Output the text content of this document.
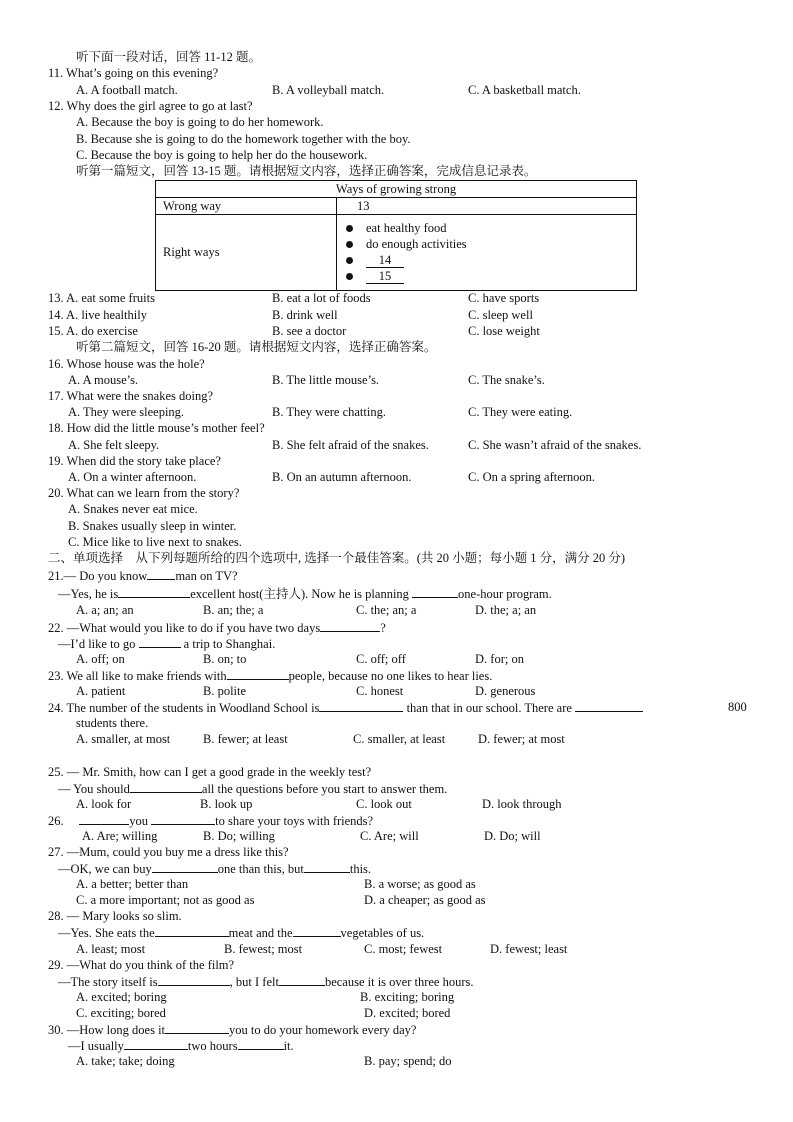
听下面一段对话，回答 11-12 题。
11. What’s going on this evening?
A. A football match.	B. A volleyball match.	C. A basketball match.
12. Why does the girl agree to go at last?
A. Because the boy is going to do her homework.
B. Because she is going to do the homework together with the boy.
C. Because the boy is going to help her do the housework.
听第一篇短文，回答 13-15 题。请根据短文内容，选择正确答案，完成信息记录表。
Ways of growing strong	
Wrong way	13
Right ways	eat healthy food
do enough activities
14
15
13. A. eat some fruits	B. eat a lot of foods	C. have sports
14. A. live healthily	B. drink well	C. sleep well
15. A. do exercise	B. see a doctor	C. lose weight
听第二篇短文，回答 16-20 题。请根据短文内容，选择正确答案。
16. Whose house was the hole?
A. A mouse’s.	B. The little mouse’s.	C. The snake’s.
17. What were the snakes doing?
A. They were sleeping.	B. They were chatting.	C. They were eating.
18. How did the little mouse’s mother feel?
A. She felt sleepy.	B. She felt afraid of the snakes.	C. She wasn’t afraid of the snakes.
19. When did the story take place?
A. On a winter afternoon.	B. On an autumn afternoon.	C. On a spring afternoon.
20. What can we learn from the story?
A. Snakes never eat mice.
B. Snakes usually sleep in winter.
C. Mice like to live next to snakes.
二、单项选择　从下列每题所给的四个选项中, 选择一个最佳答案。(共 20 小题；每小题 1 分，满分 20 分)
21.— Do you know man on TV?
—Yes, he is	excellent host(主持人). Now he is planning	one-hour program.
A. a; an; an	B. an; the; a	C. the; an; a	D. the; a; an
22. —What would you like to do if you have two days	?
—I’d like to go	a trip to Shanghai.
A. off; on	B. on; to	C. off; off	D. for; on
23. We all like to make friends with	people, because no one likes to hear lies.
A. patient	B. polite	C. honest	D. generous
24. The number of the students in Woodland School is	than that in our school. There are	800
students there.
A. smaller, at most	B. fewer; at least	C. smaller, at least	D. fewer; at most
25. — Mr. Smith, how can I get a good grade in the weekly test?
— You should	all the questions before you start to answer them.
A. look for	B. look up	C. look out	D. look through
26.	you	to share your toys with friends?
A. Are; willing	B. Do; willing	C. Are; will	D. Do; will
27. —Mum, could you buy me a dress like this?
—OK, we can buy	one than this, but	this.
A. a better; better than	B. a worse; as good as
C. a more important; not as good as	D. a cheaper; as good as
28. — Mary looks so slim.
—Yes. She eats the	meat and the	vegetables of us.
A. least; most	B. fewest; most	C. most; fewest	D. fewest; least
29. —What do you think of the film?
—The story itself is	, but I felt	because it is over three hours.
A. excited; boring	B. exciting; boring
C. exciting; bored	D. excited; bored
30. —How long does it	you to do your homework every day?
—I usually	two hours	it.
A. take; take; doing	B. pay; spend; do
